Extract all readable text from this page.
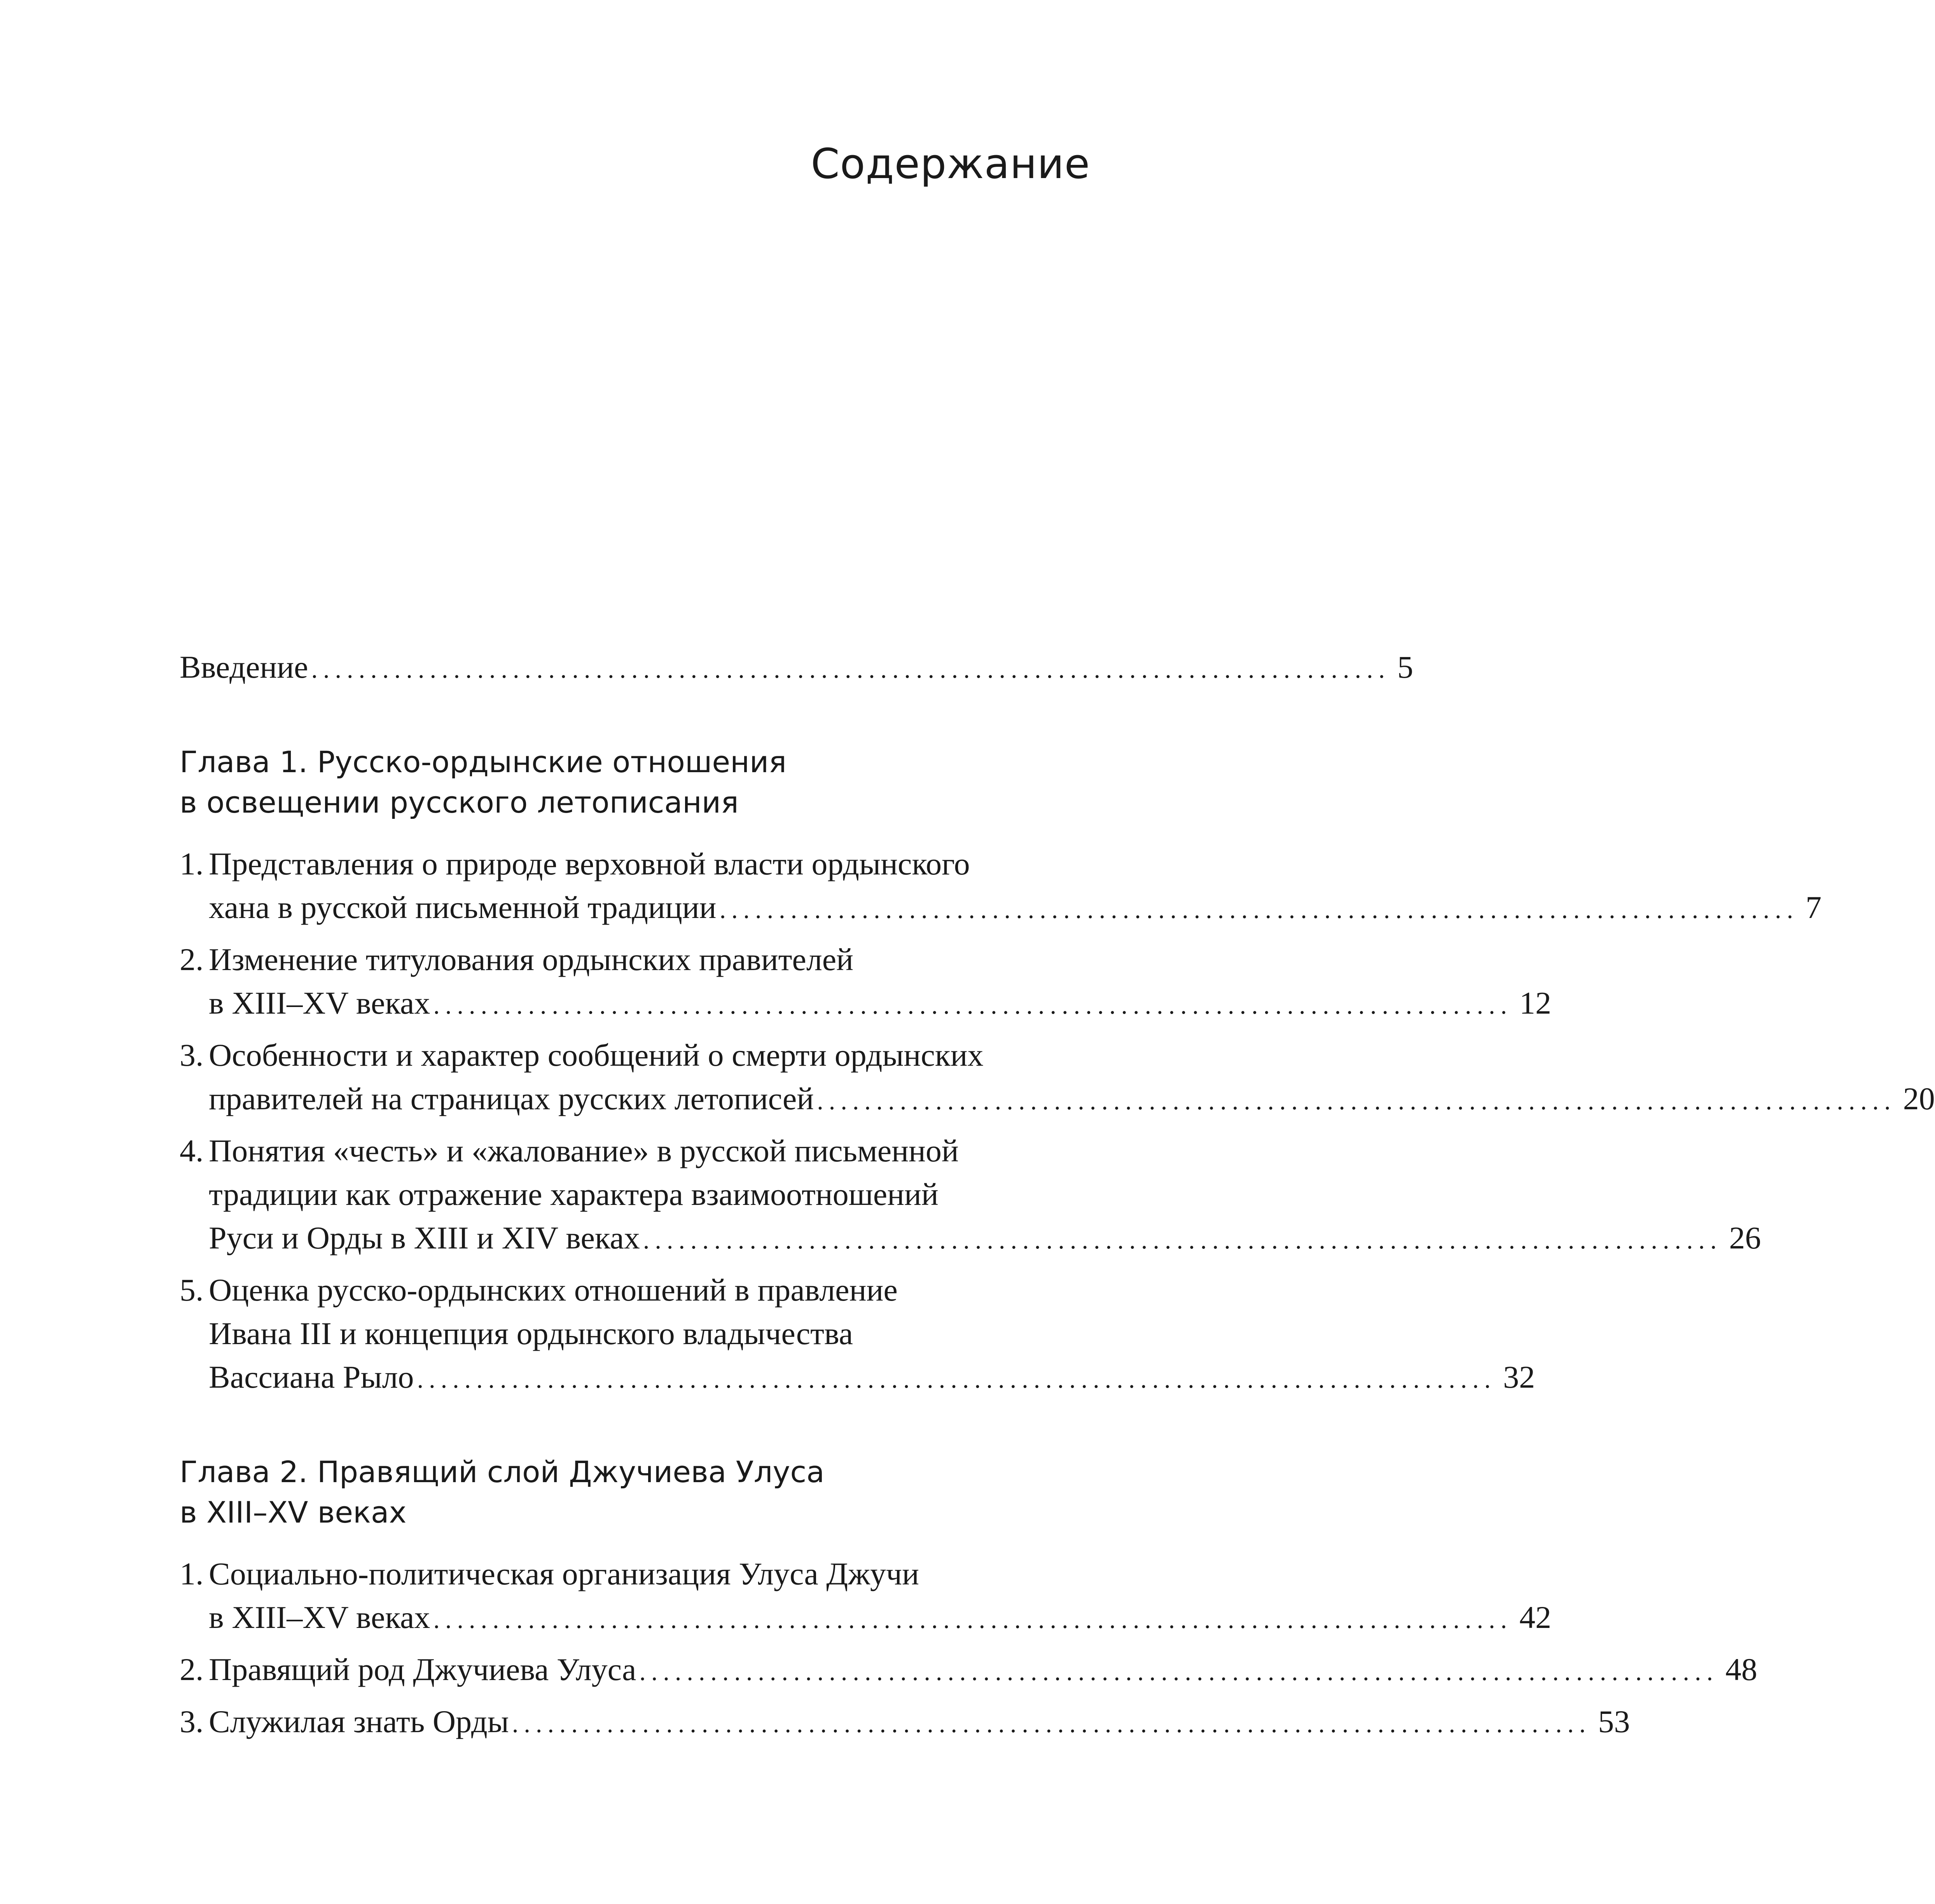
Содержание
Введение ........................................................................................... 5
Глава 1. Русско-ордынские отношения
в освещении русского летописания
1. Представления о природе верховной власти ордынского
хана в русской письменной традиции ........................................................................................... 7
2. Изменение титулования ордынских правителей
в XIII–XV веках ........................................................................................... 12
3. Особенности и характер сообщений о смерти ордынских
правителей на страницах русских летописей ........................................................................................... 20
4. Понятия «честь» и «жалование» в русской письменной
традиции как отражение характера взаимоотношений
Руси и Орды в XIII и XIV веках ........................................................................................... 26
5. Оценка русско-ордынских отношений в правление
Ивана III и концепция ордынского владычества
Вассиана Рыло ........................................................................................... 32
Глава 2. Правящий слой Джучиева Улуса
в XIII–XV веках
1. Социально-политическая организация Улуса Джучи
в XIII–XV веках ........................................................................................... 42
2. Правящий род Джучиева Улуса ........................................................................................... 48
3. Служилая знать Орды ........................................................................................... 53
